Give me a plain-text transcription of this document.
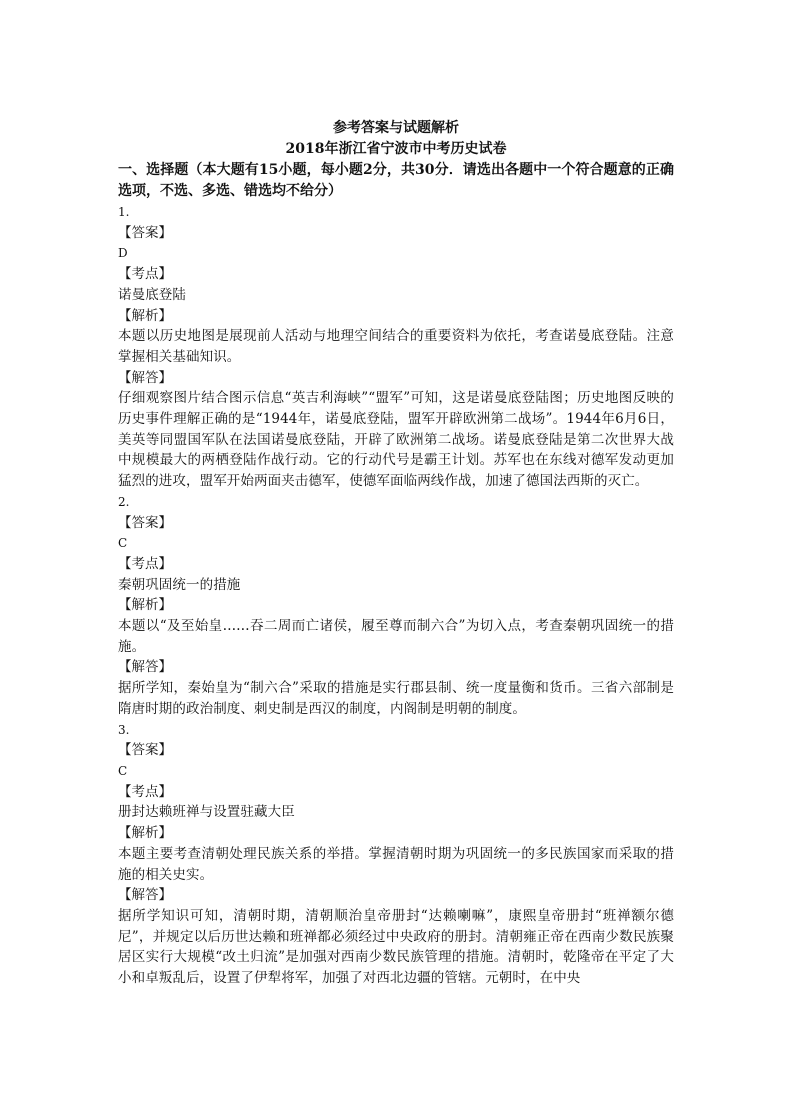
参考答案与试题解析
2018年浙江省宁波市中考历史试卷
一、选择题（本大题有15小题，每小题2分，共30分．请选出各题中一个符合题意的正确选项，不选、多选、错选均不给分）
1.
【答案】
D
【考点】
诺曼底登陆
【解析】
本题以历史地图是展现前人活动与地理空间结合的重要资料为依托，考查诺曼底登陆。注意掌握相关基础知识。
【解答】
仔细观察图片结合图示信息“英吉利海峡”“盟军”可知，这是诺曼底登陆图；历史地图反映的历史事件理解正确的是“1944年，诺曼底登陆，盟军开辟欧洲第二战场”。1944年6月6日，美英等同盟国军队在法国诺曼底登陆，开辟了欧洲第二战场。诺曼底登陆是第二次世界大战中规模最大的两栖登陆作战行动。它的行动代号是霸王计划。苏军也在东线对德军发动更加猛烈的进攻，盟军开始两面夹击德军，使德军面临两线作战，加速了德国法西斯的灭亡。
2.
【答案】
C
【考点】
秦朝巩固统一的措施
【解析】
本题以“及至始皇……吞二周而亡诸侯，履至尊而制六合”为切入点，考查秦朝巩固统一的措施。
【解答】
据所学知，秦始皇为“制六合”采取的措施是实行郡县制、统一度量衡和货币。三省六部制是隋唐时期的政治制度、刺史制是西汉的制度，内阁制是明朝的制度。
3.
【答案】
C
【考点】
册封达赖班禅与设置驻藏大臣
【解析】
本题主要考查清朝处理民族关系的举措。掌握清朝时期为巩固统一的多民族国家而采取的措施的相关史实。
【解答】
据所学知识可知，清朝时期，清朝顺治皇帝册封“达赖喇嘛”，康熙皇帝册封“班禅额尔德尼”，并规定以后历世达赖和班禅都必须经过中央政府的册封。清朝雍正帝在西南少数民族聚居区实行大规模“改土归流”是加强对西南少数民族管理的措施。清朝时，乾隆帝在平定了大小和卓叛乱后，设置了伊犁将军，加强了对西北边疆的管辖。元朝时，在中央
